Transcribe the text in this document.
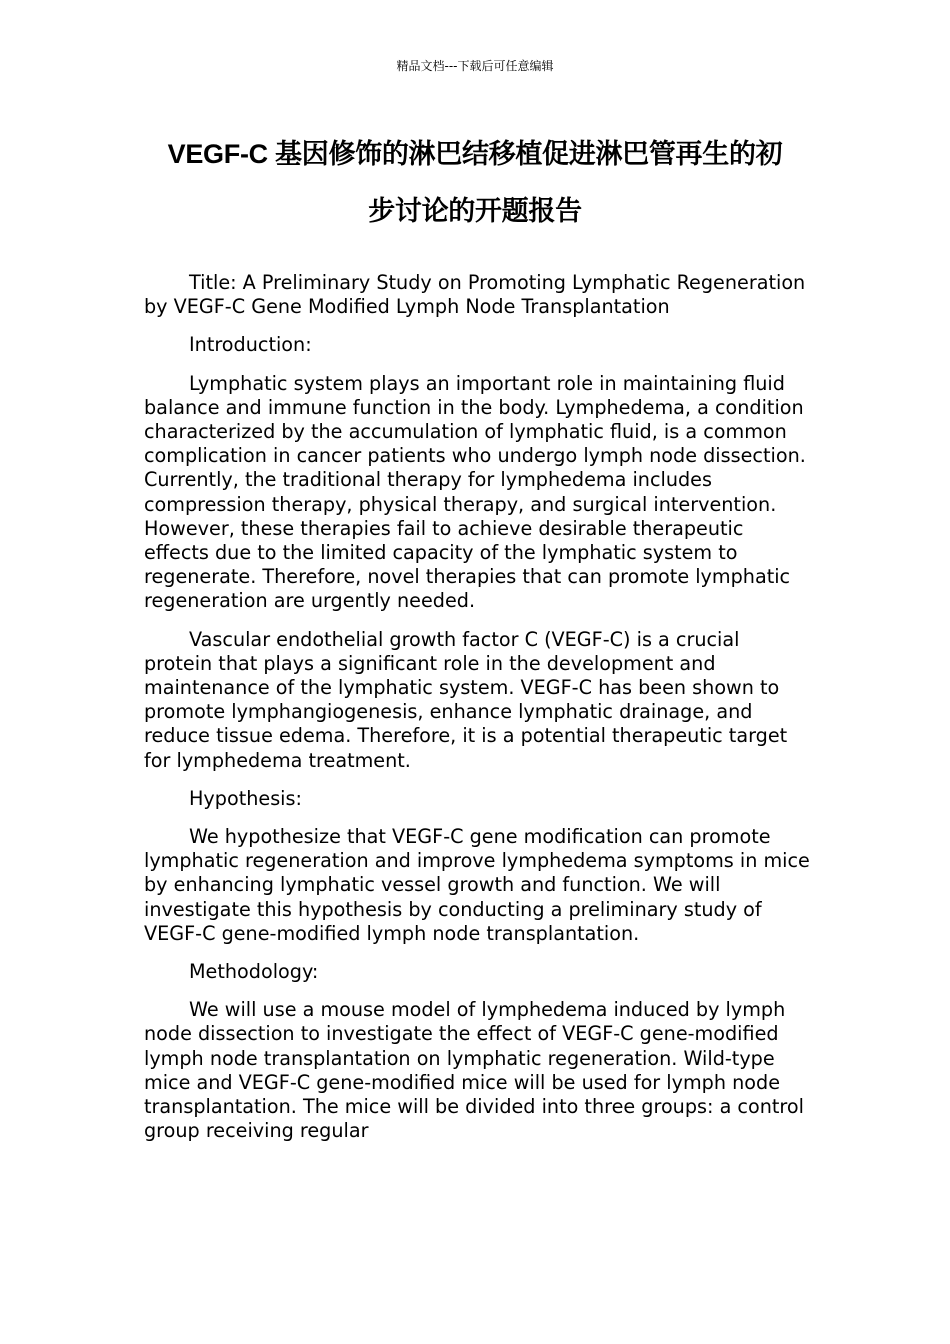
精品文档---下载后可任意编辑
VEGF-C 基因修饰的淋巴结移植促进淋巴管再生的初
步讨论的开题报告

Title: A Preliminary Study on Promoting Lymphatic Regeneration by VEGF-C Gene Modified Lymph Node Transplantation

Introduction:

Lymphatic system plays an important role in maintaining fluid balance and immune function in the body. Lymphedema, a condition characterized by the accumulation of lymphatic fluid, is a common complication in cancer patients who undergo lymph node dissection. Currently, the traditional therapy for lymphedema includes compression therapy, physical therapy, and surgical intervention. However, these therapies fail to achieve desirable therapeutic effects due to the limited capacity of the lymphatic system to regenerate. Therefore, novel therapies that can promote lymphatic regeneration are urgently needed.

Vascular endothelial growth factor C (VEGF-C) is a crucial protein that plays a significant role in the development and maintenance of the lymphatic system. VEGF-C has been shown to promote lymphangiogenesis, enhance lymphatic drainage, and reduce tissue edema. Therefore, it is a potential therapeutic target for lymphedema treatment.

Hypothesis:

We hypothesize that VEGF-C gene modification can promote lymphatic regeneration and improve lymphedema symptoms in mice by enhancing lymphatic vessel growth and function. We will investigate this hypothesis by conducting a preliminary study of VEGF-C gene-modified lymph node transplantation.

Methodology:

We will use a mouse model of lymphedema induced by lymph node dissection to investigate the effect of VEGF-C gene-modified lymph node transplantation on lymphatic regeneration. Wild-type mice and VEGF-C gene-modified mice will be used for lymph node transplantation. The mice will be divided into three groups: a control group receiving regular
